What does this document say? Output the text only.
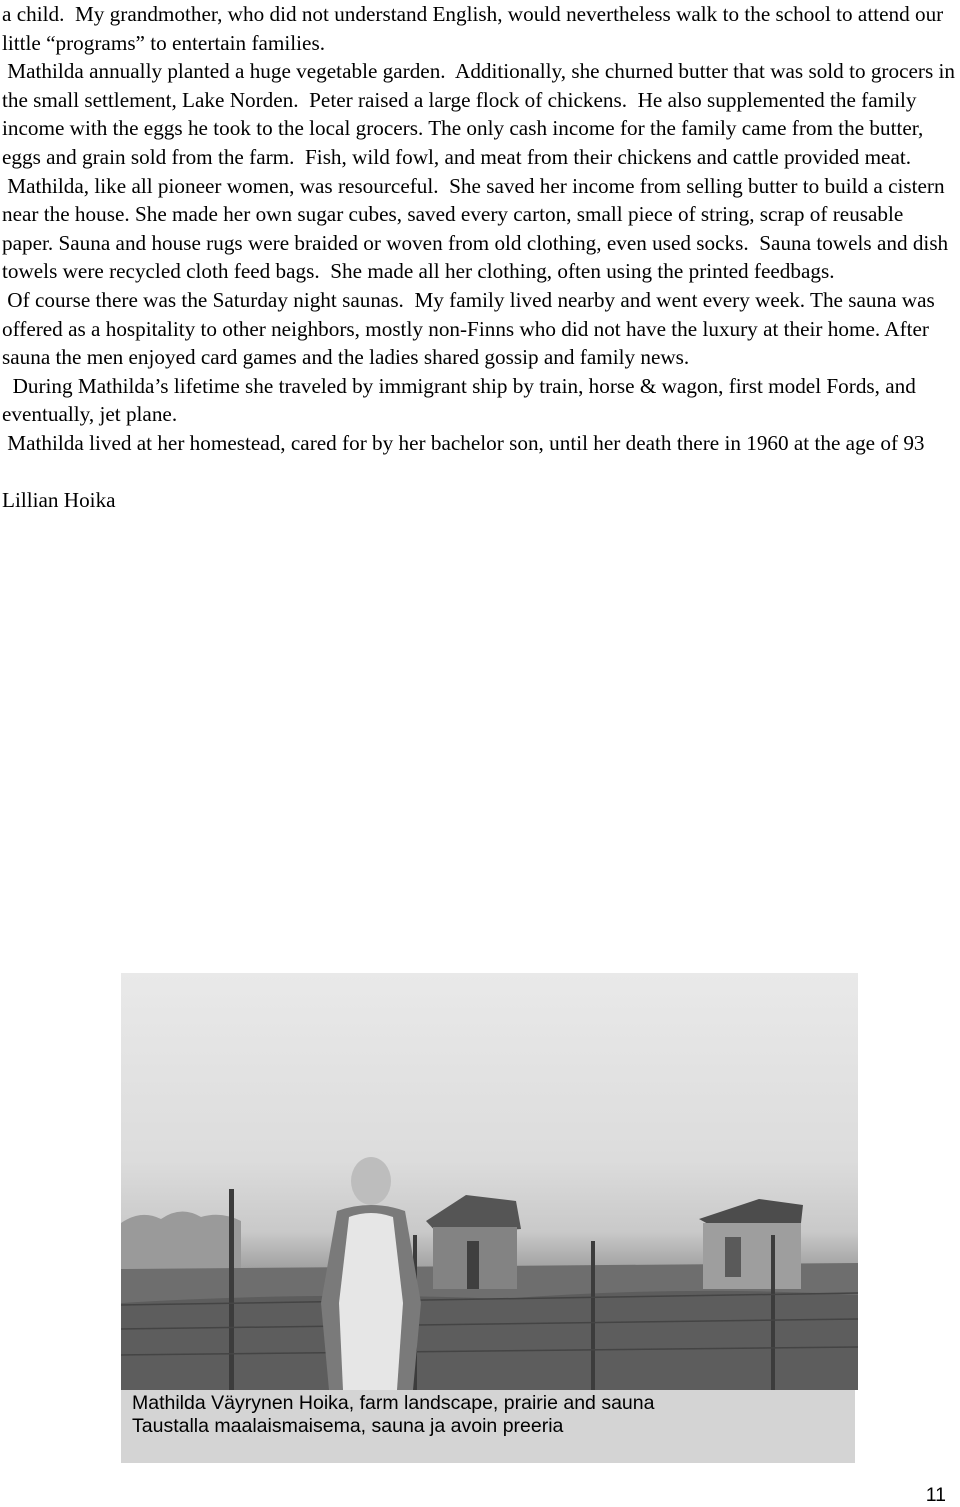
a child.  My grandmother, who did not understand English, would nevertheless walk to the school to attend our little “programs” to entertain families.

Mathilda annually planted a huge vegetable garden.  Additionally, she churned butter that was sold to grocers in the small settlement, Lake Norden.  Peter raised a large flock of chickens.  He also supplemented the family income with the eggs he took to the local grocers. The only cash income for the family came from the butter, eggs and grain sold from the farm.  Fish, wild fowl, and meat from their chickens and cattle provided meat.

Mathilda, like all pioneer women, was resourceful.  She saved her income from selling butter to build a cistern near the house. She made her own sugar cubes, saved every carton, small piece of string, scrap of reusable paper. Sauna and house rugs were braided or woven from old clothing, even used socks.  Sauna towels and dish towels were recycled cloth feed bags.  She made all her clothing, often using the printed feedbags.

Of course there was the Saturday night saunas.  My family lived nearby and went every week. The sauna was offered as a hospitality to other neighbors, mostly non-Finns who did not have the luxury at their home. After sauna the men enjoyed card games and the ladies shared gossip and family news.

During Mathilda’s lifetime she traveled by immigrant ship by train, horse & wagon, first model Fords, and eventually, jet plane.

Mathilda lived at her homestead, cared for by her bachelor son, until her death there in 1960 at the age of 93

Lillian Hoika

Mathilda Väyrynen Hoika, farm landscape, prairie and sauna
Taustalla maalaismaisema, sauna ja avoin preeria
11
